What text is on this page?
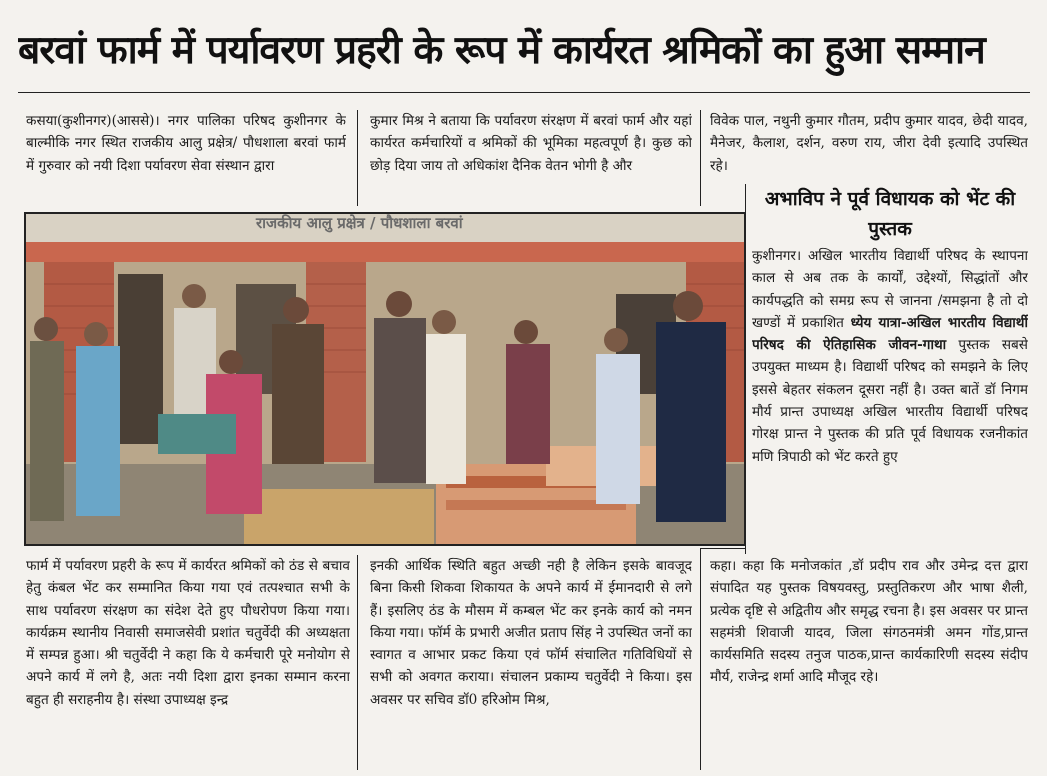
बरवां फार्म में पर्यावरण प्रहरी के रूप में कार्यरत श्रमिकों का हुआ सम्मान

कसया(कुशीनगर)(आससे)। नगर पालिका परिषद कुशीनगर के बाल्मीकि नगर स्थित राजकीय आलु प्रक्षेत्र/ पौधशाला बरवां फार्म में गुरुवार को नयी दिशा पर्यावरण सेवा संस्थान द्वारा

कुमार मिश्र ने बताया कि पर्यावरण संरक्षण में बरवां फार्म और यहां कार्यरत कर्मचारियों व श्रमिकों की भूमिका महत्वपूर्ण है। कुछ को छोड़ दिया जाय तो अधिकांश दैनिक वेतन भोगी है और

विवेक पाल, नथुनी कुमार गौतम, प्रदीप कुमार यादव, छेदी यादव, मैनेजर, कैलाश, दर्शन, वरुण राय, जीरा देवी इत्यादि उपस्थित रहे।

अभाविप ने पूर्व विधायक को भेंट की पुस्तक

कुशीनगर। अखिल भारतीय विद्यार्थी परिषद के स्थापना काल से अब तक के कार्यों, उद्देश्यों, सिद्धांतों और कार्यपद्धति को समग्र रूप से जानना /समझना है तो दो खण्डों में प्रकाशित ध्येय यात्रा-अखिल भारतीय विद्यार्थी परिषद की ऐतिहासिक जीवन-गाथा पुस्तक सबसे उपयुक्त माध्यम है। विद्यार्थी परिषद को समझने के लिए इससे बेहतर संकलन दूसरा नहीं है। उक्त बातें डॉ निगम मौर्य प्रान्त उपाध्यक्ष अखिल भारतीय विद्यार्थी परिषद गोरक्ष प्रान्त ने पुस्तक की प्रति पूर्व विधायक रजनीकांत मणि त्रिपाठी को भेंट करते हुए

राजकीय आलु प्रक्षेत्र / पौधशाला बरवां

फार्म में पर्यावरण प्रहरी के रूप में कार्यरत श्रमिकों को ठंड से बचाव हेतु कंबल भेंट कर सम्मानित किया गया एवं तत्पश्चात सभी के साथ पर्यावरण संरक्षण का संदेश देते हुए पौधरोपण किया गया। कार्यक्रम स्थानीय निवासी समाजसेवी प्रशांत चतुर्वेदी की अध्यक्षता में सम्पन्न हुआ। श्री चतुर्वेदी ने कहा कि ये कर्मचारी पूरे मनोयोग से अपने कार्य में लगे है, अतः नयी दिशा द्वारा इनका सम्मान करना बहुत ही सराहनीय है। संस्था उपाध्यक्ष इन्द्र

इनकी आर्थिक स्थिति बहुत अच्छी नही है लेकिन इसके बावजूद बिना किसी शिकवा शिकायत के अपने कार्य में ईमानदारी से लगे हैं। इसलिए ठंड के मौसम में कम्बल भेंट कर इनके कार्य को नमन किया गया। फॉर्म के प्रभारी अजीत प्रताप सिंह ने उपस्थित जनों का स्वागत व आभार प्रकट किया एवं फॉर्म संचालित गतिविधियों से सभी को अवगत कराया। संचालन प्रकाम्य चतुर्वेदी ने किया। इस अवसर पर सचिव डॉ0 हरिओम मिश्र,

कहा। कहा कि मनोजकांत ,डॉ प्रदीप राव और उमेन्द्र दत्त द्वारा संपादित यह पुस्तक विषयवस्तु, प्रस्तुतिकरण और भाषा शैली, प्रत्येक दृष्टि से अद्वितीय और समृद्ध रचना है। इस अवसर पर प्रान्त सहमंत्री शिवाजी यादव, जिला संगठनमंत्री अमन गोंड,प्रान्त कार्यसमिति सदस्य तनुज पाठक,प्रान्त कार्यकारिणी सदस्य संदीप मौर्य, राजेन्द्र शर्मा आदि मौजूद रहे।
